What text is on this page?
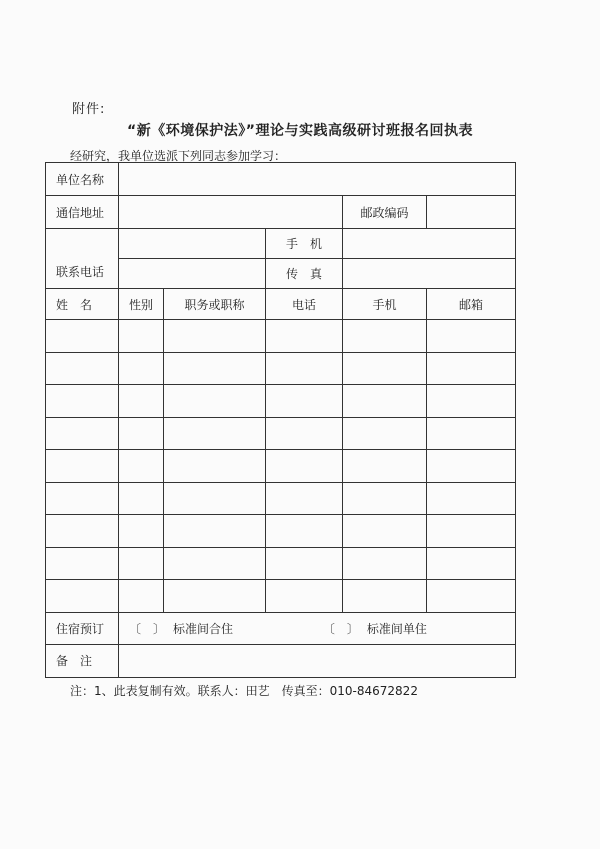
附件:
“新《环境保护法》”理论与实践高级研讨班报名回执表
经研究，我单位选派下列同志参加学习：
单位名称					
通信地址				邮政编码	
联系电话			手　机		
			传　真		
姓　名	性别	职务或职称	电话	手机	邮箱

住宿预订	〔　〕 标准间合住 〔　〕 标准间单住				
备　注					
注：1、此表复制有效。联系人：田艺　传真至：010-84672822
